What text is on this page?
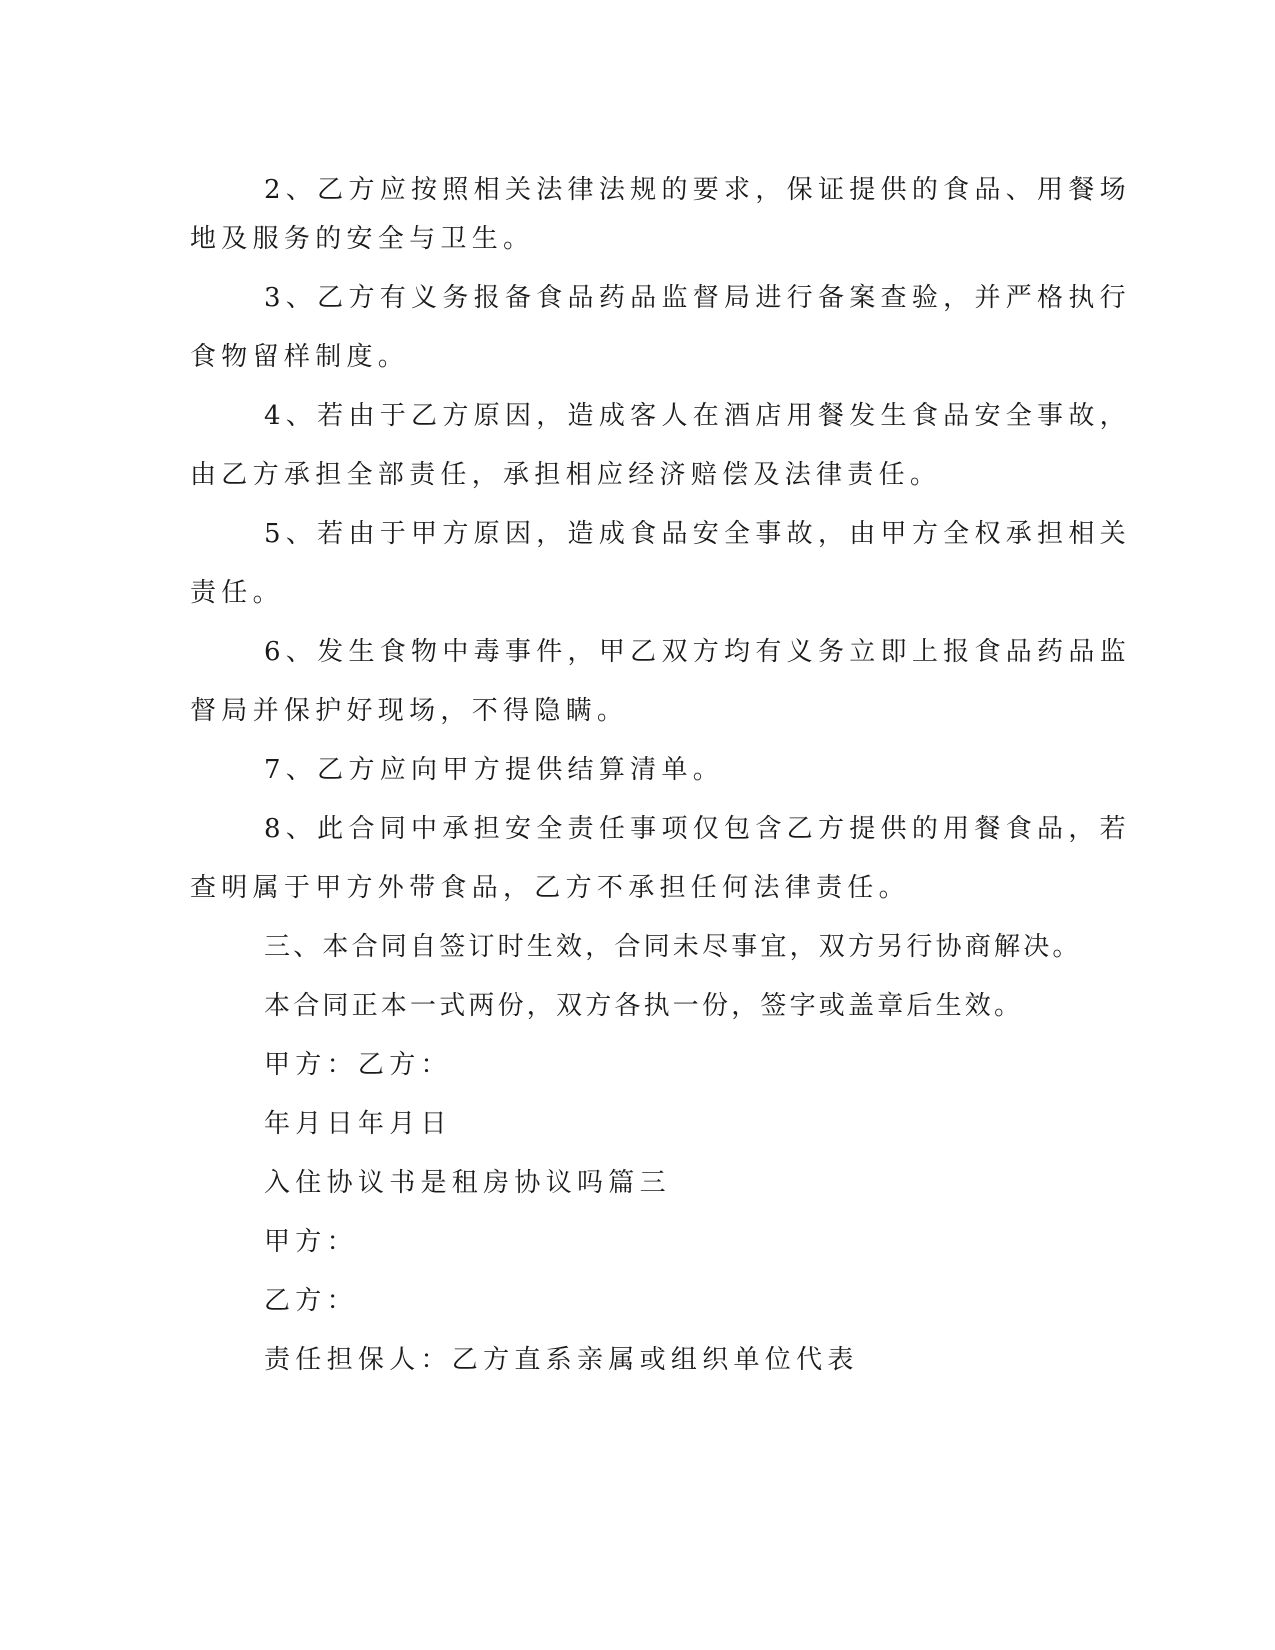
2、乙方应按照相关法律法规的要求，保证提供的食品、用餐场
地及服务的安全与卫生。
3、乙方有义务报备食品药品监督局进行备案查验，并严格执行
食物留样制度。
4、若由于乙方原因，造成客人在酒店用餐发生食品安全事故，
由乙方承担全部责任，承担相应经济赔偿及法律责任。
5、若由于甲方原因，造成食品安全事故，由甲方全权承担相关
责任。
6、发生食物中毒事件，甲乙双方均有义务立即上报食品药品监
督局并保护好现场，不得隐瞒。
7、乙方应向甲方提供结算清单。
8、此合同中承担安全责任事项仅包含乙方提供的用餐食品，若
查明属于甲方外带食品，乙方不承担任何法律责任。
三、本合同自签订时生效，合同未尽事宜，双方另行协商解决。
本合同正本一式两份，双方各执一份，签字或盖章后生效。
甲方：乙方：
年月日年月日
入住协议书是租房协议吗篇三
甲方：
乙方：
责任担保人：乙方直系亲属或组织单位代表
